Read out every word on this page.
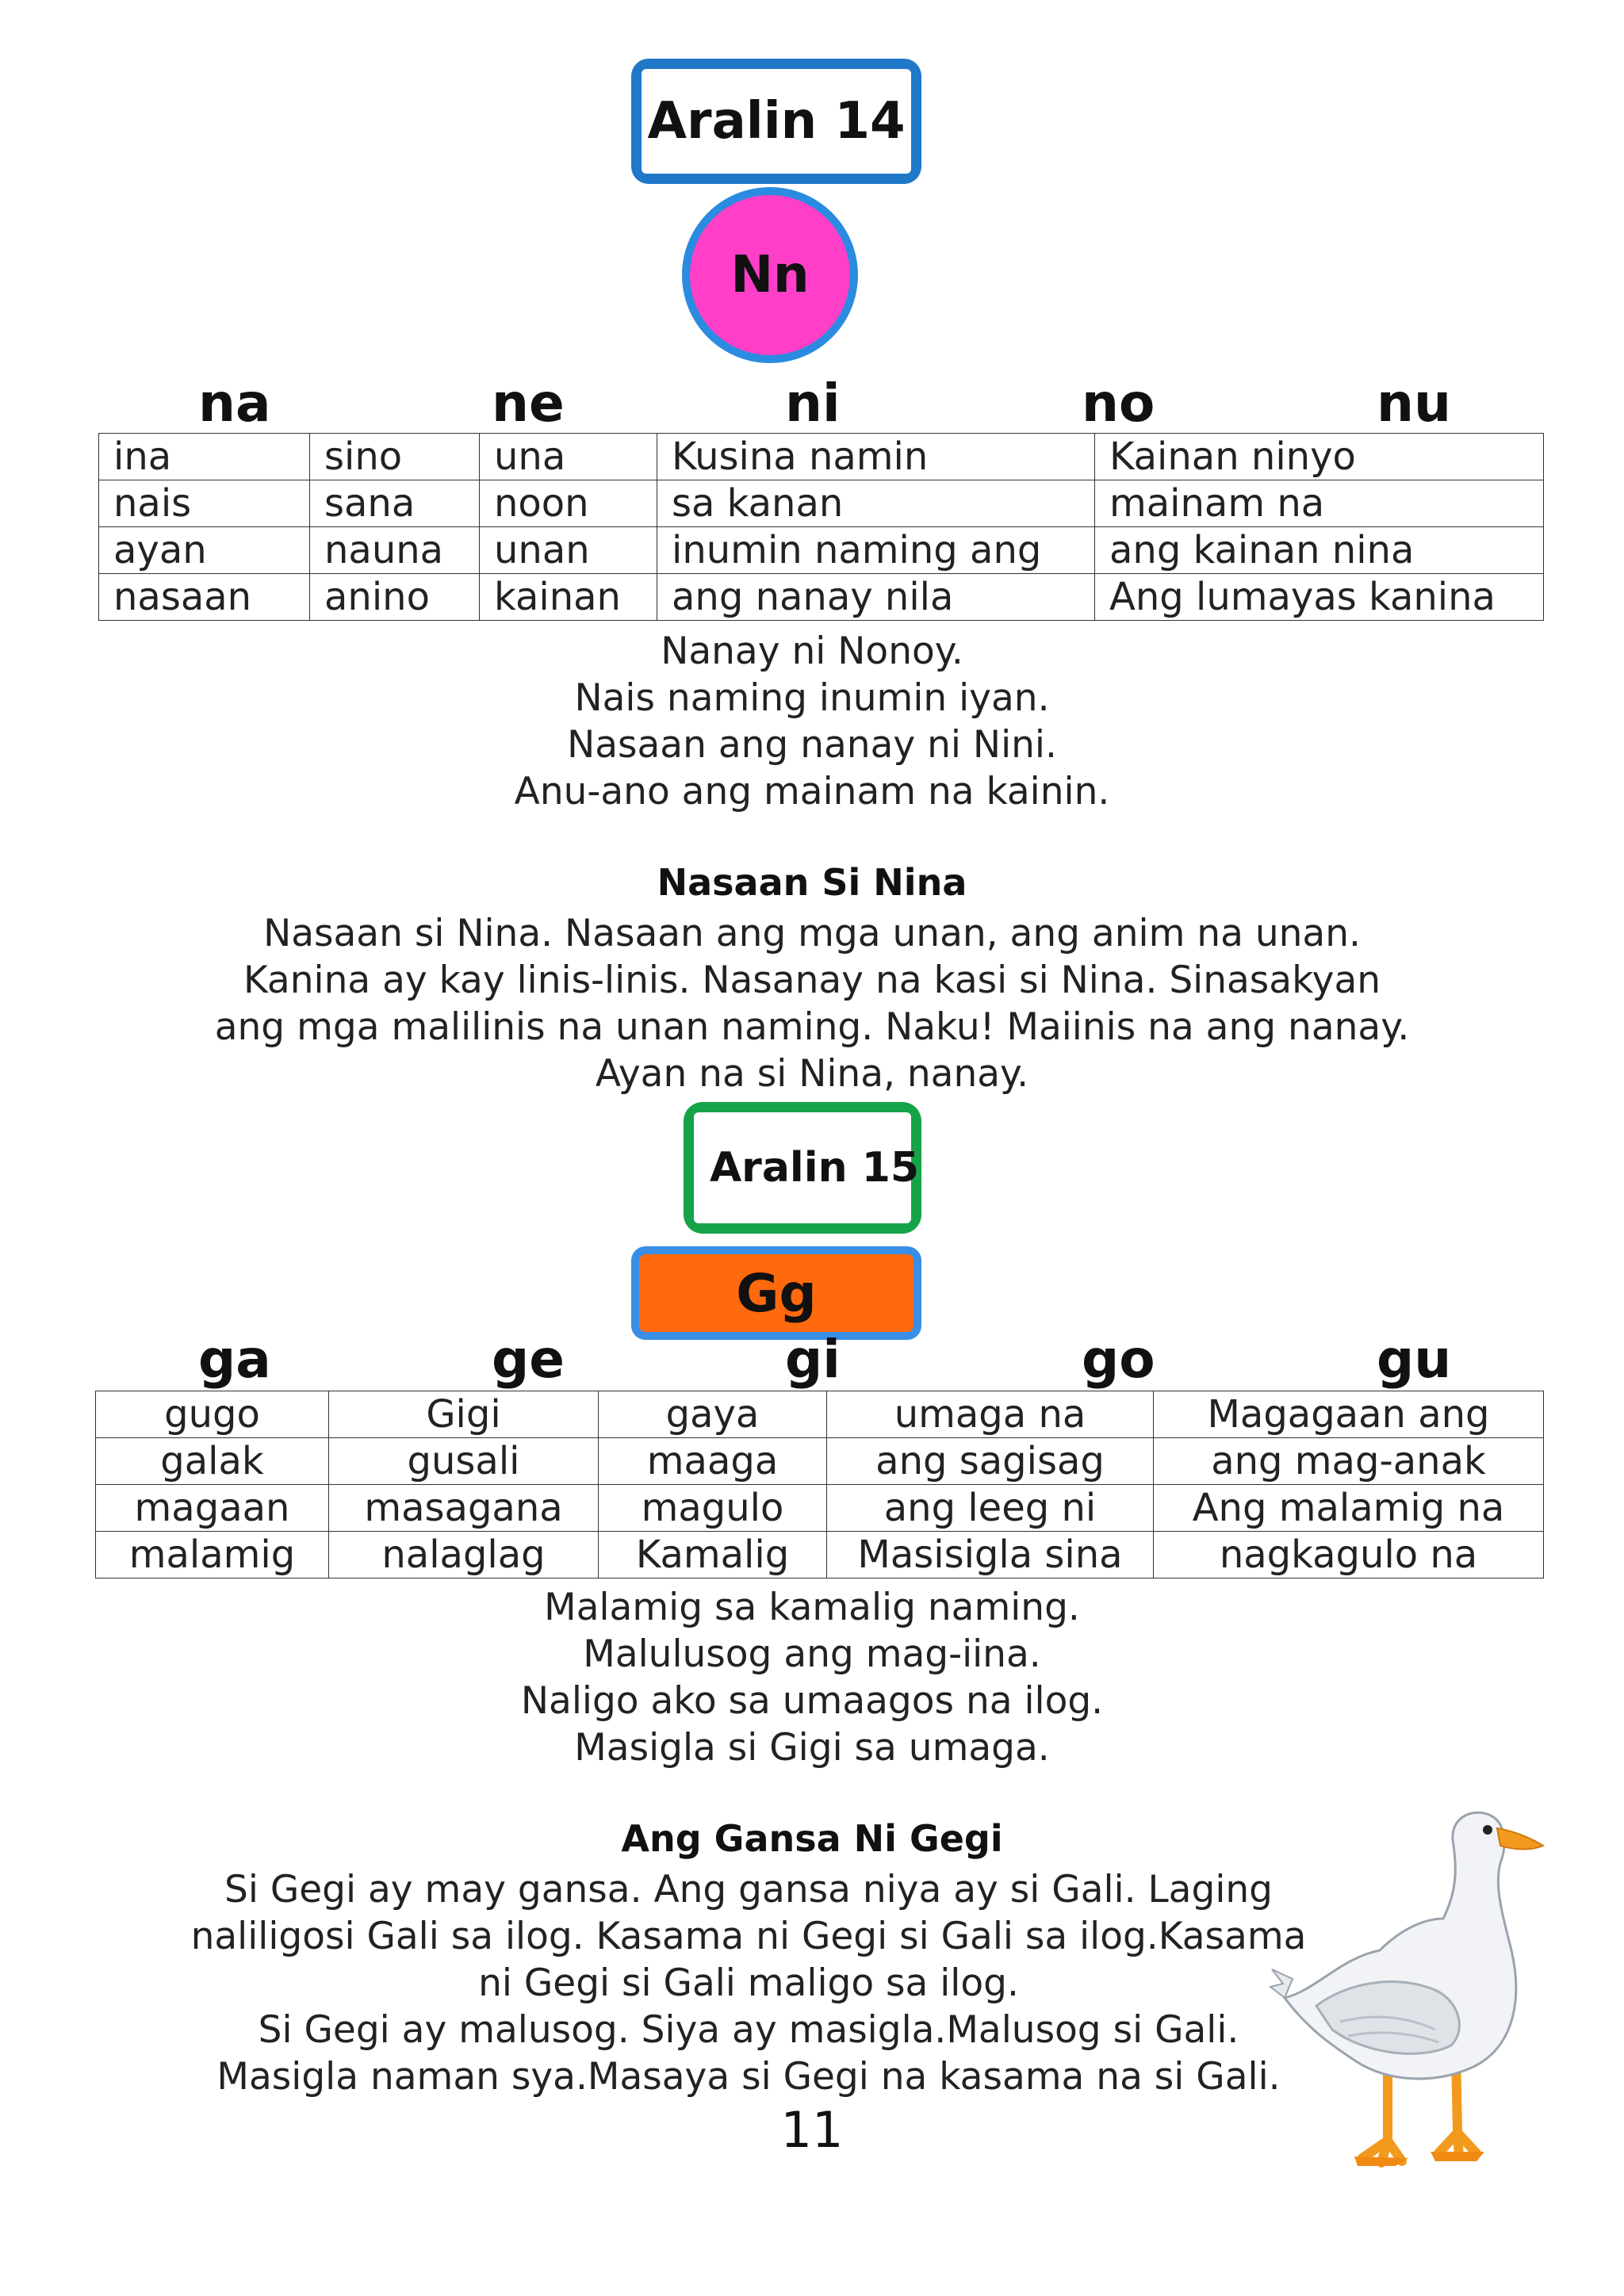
Aralin 14
Nn
na	ne	ni	no	nu
ina	sino	una	Kusina namin	Kainan ninyo
nais	sana	noon	sa kanan	mainam na
ayan	nauna	unan	inumin naming ang	ang kainan nina
nasaan	anino	kainan	ang nanay nila	Ang lumayas kanina
Nanay ni Nonoy.
Nais naming inumin iyan.
Nasaan ang nanay ni Nini.
Anu-ano ang mainam na kainin.
Nasaan Si Nina
Nasaan si Nina. Nasaan ang mga unan, ang anim na unan.
Kanina ay kay linis-linis. Nasanay na kasi si Nina. Sinasakyan
ang mga malilinis na unan naming. Naku! Maiinis na ang nanay.
Ayan na si Nina, nanay.
Aralin 15
Gg
ga	ge	gi	go	gu
gugo	Gigi	gaya	umaga na	Magagaan ang
galak	gusali	maaga	ang sagisag	ang mag-anak
magaan	masagana	magulo	ang leeg ni	Ang malamig na
malamig	nalaglag	Kamalig	Masisigla sina	nagkagulo na
Malamig sa kamalig naming.
Malulusog ang mag-iina.
Naligo ako sa umaagos na ilog.
Masigla si Gigi sa umaga.
Ang Gansa Ni Gegi
Si Gegi ay may gansa. Ang gansa niya ay si Gali. Laging
naliligosi Gali sa ilog. Kasama ni Gegi si Gali sa ilog.Kasama
ni Gegi si Gali maligo sa ilog.
Si Gegi ay malusog. Siya ay masigla.Malusog si Gali.
Masigla naman sya.Masaya si Gegi na kasama na si Gali.
11
